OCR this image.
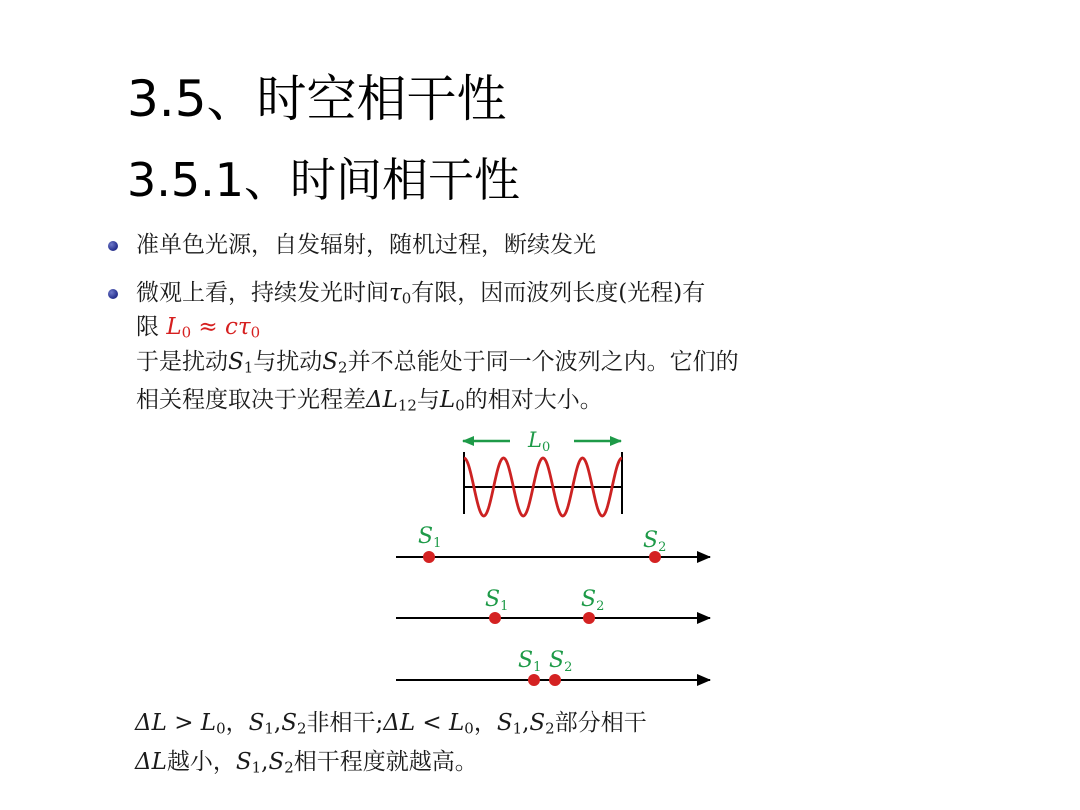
3.5、时空相干性
3.5.1、时间相干性
准单色光源，自发辐射，随机过程，断续发光
微观上看，持续发光时间$\tau_0$有限，因而波列长度(光程)有
限 $L_0 \approx c\tau_0$
于是扰动$S_1$与扰动$S_2$并不总能处于同一个波列之内。它们的
相关程度取决于光程差$\Delta L_{12}$与$L_0$的相对大小。
L0
S1	S2
S1	S2
S1 S2
$\Delta L > L_0$，$S_1,S_2$非相干;ΔL < $L_0$，$S_1,S_2$部分相干
ΔL越小，$S_1,S_2$相干程度就越高。
